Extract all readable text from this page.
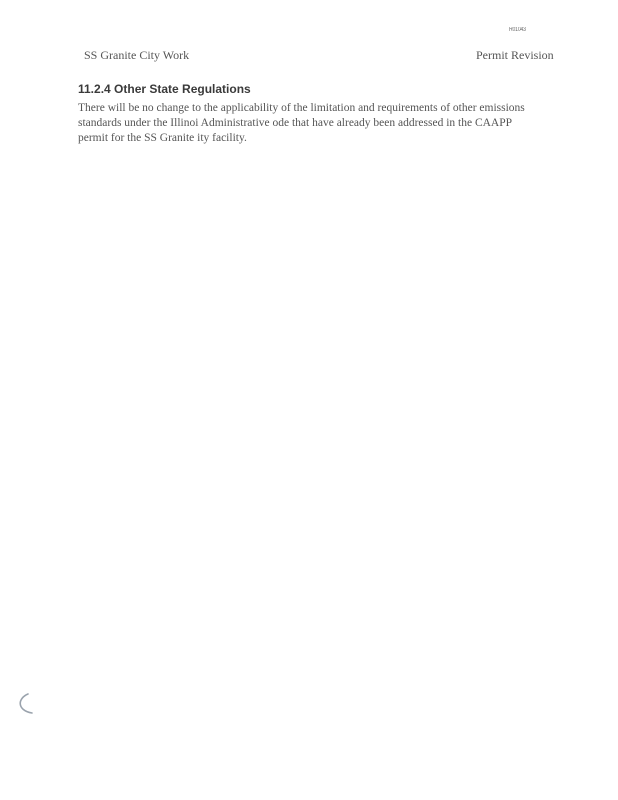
R01043
SS Granite City Work	Permit Revision
11.2.4 Other State Regulations

There will be no change to the applicability of the limitation and requirements of other emissions
standards under the Illinoi Administrative ode that have already been addressed in the CAAPP
permit for the SS Granite ity facility.
